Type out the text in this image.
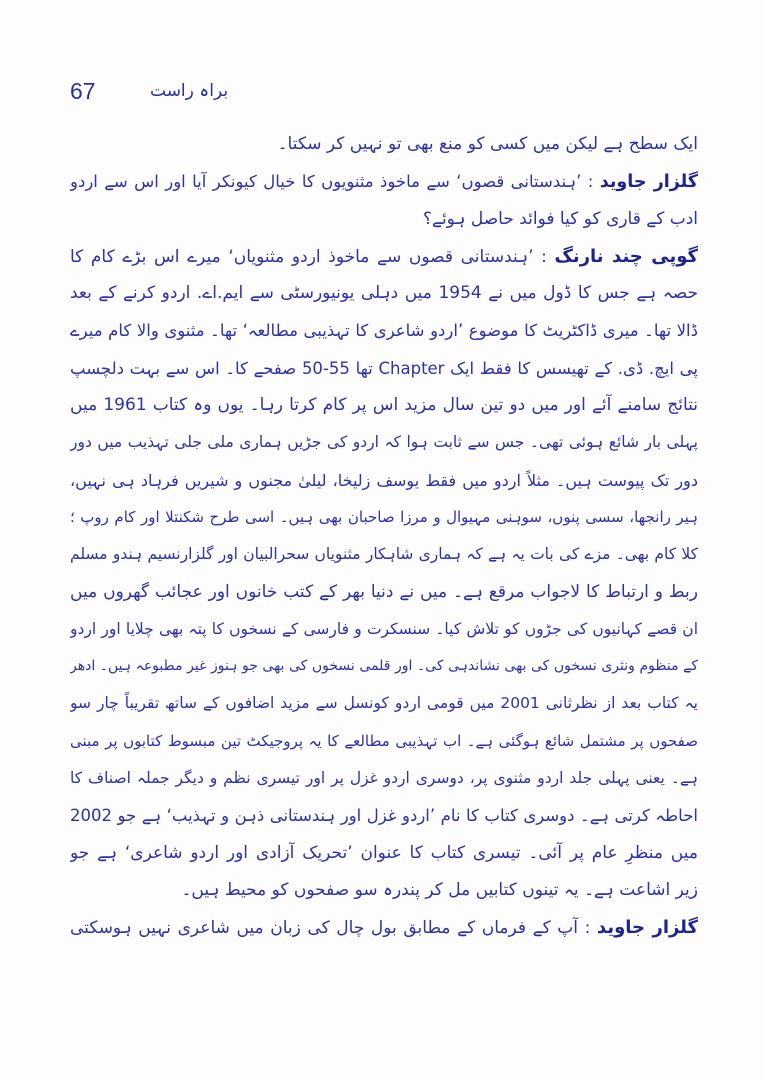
67	براہ راست
ایک سطح ہے لیکن میں کسی کو منع بھی تو نہیں کر سکتا۔
گلزار جاوید : ’ہندستانی قصوں‘ سے ماخوذ مثنویوں کا خیال کیونکر آیا اور اس سے اردو
ادب کے قاری کو کیا فوائد حاصل ہوئے؟
گوپی چند نارنگ : ’ہندستانی قصوں سے ماخوذ اردو مثنویاں‘ میرے اس بڑے کام کا
حصہ ہے جس کا ڈول میں نے 1954 میں دہلی یونیورسٹی سے ایم.اے. اردو کرنے کے بعد
ڈالا تھا۔ میری ڈاکٹریٹ کا موضوع ’اردو شاعری کا تہذیبی مطالعہ‘ تھا۔ مثنوی والا کام میرے
پی ایچ. ڈی. کے تھیسس کا فقط ایک Chapter تھا 55-50 صفحے کا۔ اس سے بہت دلچسپ
نتائج سامنے آئے اور میں دو تین سال مزید اس پر کام کرتا رہا۔ یوں وہ کتاب 1961 میں
پہلی بار شائع ہوئی تھی۔ جس سے ثابت ہوا کہ اردو کی جڑیں ہماری ملی جلی تہذیب میں دور
دور تک پیوست ہیں۔ مثلاً اردو میں فقط یوسف زلیخا، لیلیٰ مجنوں و شیریں فرہاد ہی نہیں،
ہیر رانجھا، سسی پنوں، سوہنی مہیوال و مرزا صاحبان بھی ہیں۔ اسی طرح شکنتلا اور کام روپ ؛
کلا کام بھی۔ مزے کی بات یہ ہے کہ ہماری شاہکار مثنویاں سحرالبیان اور گلزارنسیم ہندو مسلم
ربط و ارتباط کا لاجواب مرقع ہے۔ میں نے دنیا بھر کے کتب خانوں اور عجائب گھروں میں
ان قصے کہانیوں کی جڑوں کو تلاش کیا۔ سنسکرت و فارسی کے نسخوں کا پتہ بھی چلایا اور اردو
کے منظوم ونثری نسخوں کی بھی نشاندہی کی۔ اور قلمی نسخوں کی بھی جو ہنوز غیر مطبوعہ ہیں۔ ادھر
یہ کتاب بعد از نظرثانی 2001 میں قومی اردو کونسل سے مزید اضافوں کے ساتھ تقریباً چار سو
صفحوں پر مشتمل شائع ہوگئی ہے۔ اب تہذیبی مطالعے کا یہ پروجیکٹ تین مبسوط کتابوں پر مبنی
ہے۔ یعنی پہلی جلد اردو مثنوی پر، دوسری اردو غزل پر اور تیسری نظم و دیگر جملہ اصناف کا
احاطہ کرتی ہے۔ دوسری کتاب کا نام ’اردو غزل اور ہندستانی ذہن و تہذیب‘ ہے جو 2002
میں منظرِ عام پر آئی۔ تیسری کتاب کا عنوان ’تحریک آزادی اور اردو شاعری‘ ہے جو
زیر اشاعت ہے۔ یہ تینوں کتابیں مل کر پندرہ سو صفحوں کو محیط ہیں۔
گلزار جاوید : آپ کے فرماں کے مطابق بول چال کی زبان میں شاعری نہیں ہوسکتی
